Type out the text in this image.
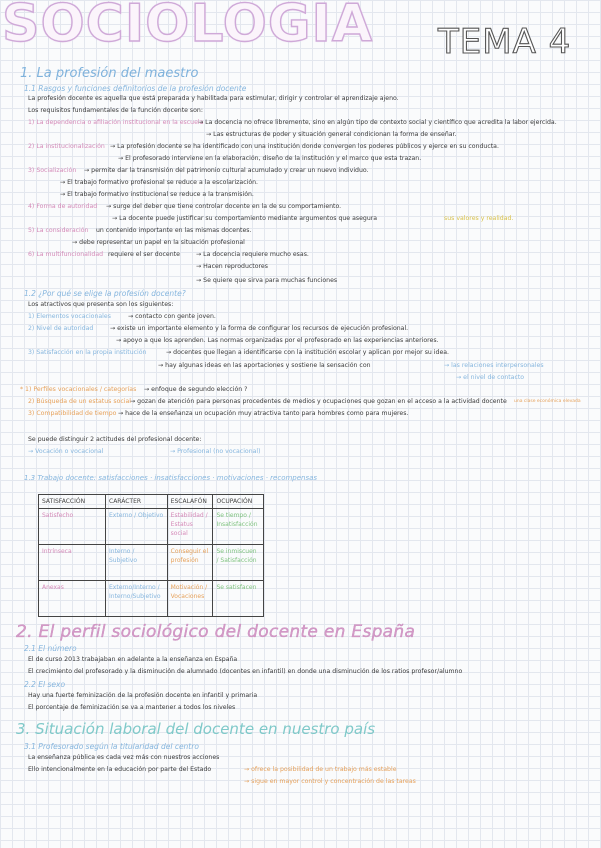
SOCIOLOGIA TEMA 4
1. La profesión del maestro
1.1 Rasgos y funciones definitorios de la profesión docente
La profesión docente es aquella que está preparada y habilitada para estimular, dirigir y controlar el aprendizaje ajeno.
Los requisitos fundamentales de la función docente son:
1) La dependencia o afiliación institucional en la escuela
→ La docencia no ofrece libremente, sino en algún tipo de contexto social y científico que acredita la labor ejercida.
→ Las estructuras de poder y situación general condicionan la forma de enseñar.
2) La institucionalización → La profesión docente se ha identificado con una institución donde convergen los poderes públicos y ejerce en su conducta.
→ El profesorado interviene en la elaboración, diseño de la institución y el marco que esta trazan.
3) Socialización → permite dar la transmisión del patrimonio cultural acumulado y crear un nuevo individuo.
→ El trabajo formativo profesional se reduce a la escolarización.
→ El trabajo formativo institucional se reduce a la transmisión.
4) Forma de autoridad → surge del deber que tiene controlar docente en la de su comportamiento.
→ La docente puede justificar su comportamiento mediante argumentos que asegura	sus valores y realidad.
5) La consideración un contenido importante en las mismas docentes.
→ debe representar un papel en la situación profesional
6) La multifuncionalidad requiere el ser docente	→ La docencia requiere mucho esas.
→ Hacen reproductores
→ Se quiere que sirva para muchas funciones
1.2 ¿Por qué se elige la profesión docente?
Los atractivos que presenta son los siguientes:
1) Elementos vocacionales	→ contacto con gente joven.
2) Nivel de autoridad	→ existe un importante elemento y la forma de configurar los recursos de ejecución profesional.
→ apoyo a que los aprenden. Las normas organizadas por el profesorado en las experiencias anteriores.
3) Satisfacción en la propia institución	→ docentes que llegan a identificarse con la institución escolar y aplican por mejor su idea.
→ hay algunas ideas en las aportaciones y sostiene la sensación con	→ las relaciones interpersonales
→ el nivel de contacto
* 1) Perfiles vocacionales / categorías → enfoque de segundo elección ?
2) Búsqueda de un estatus social → gozan de atención para personas procedentes de medios y ocupaciones que gozan en el acceso a la actividad docente una clase económica elevada
3) Compatibilidad de tiempo → hace de la enseñanza un ocupación muy atractiva tanto para hombres como para mujeres.
Se puede distinguir 2 actitudes del profesional docente:
→ Vocación o vocacional	→ Profesional (no vocacional)
1.3 Trabajo docente: satisfacciones · insatisfacciones · motivaciones · recompensas
SATISFACCIÓN	CARÁCTER	ESCALAFÓN	OCUPACIÓN
Satisfecho	Externo / Objetivo	Estabilidad / Estatus social	Se tiempo / Insatisfacción
Intrínseca	Interno / Subjetivo	Conseguir el profesión	Se inmiscuen / Satisfacción
Anexas	Externo/Interno / Interno/Subjetivo	Motivación / Vocaciones	Se satisfacen
2. El perfil sociológico del docente en España
2.1 El número
El de curso 2013 trabajaban en adelante a la enseñanza en España
El crecimiento del profesorado y la disminución de alumnado (docentes en infantil) en donde una disminución de los ratios profesor/alumno
2.2 El sexo
Hay una fuerte feminización de la profesión docente en infantil y primaria
El porcentaje de feminización se va a mantener a todos los niveles
3. Situación laboral del docente en nuestro país
3.1 Profesorado según la titularidad del centro
La enseñanza pública es cada vez más con nuestros acciones
Ello intencionalmente en la educación por parte del Estado	→ ofrece la posibilidad de un trabajo más estable
→ sigue en mayor control y concentración de las tareas
